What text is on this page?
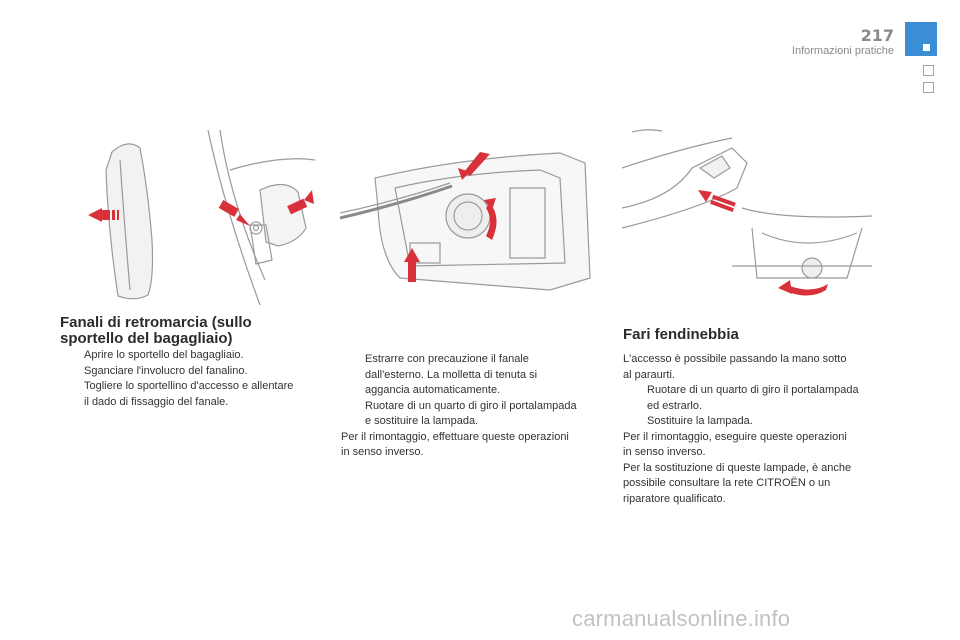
217
Informazioni pratiche
Fanali di retromarcia (sullo
sportello del bagagliaio)

Aprire lo sportello del bagagliaio.

Sganciare l'involucro del fanalino.

Togliere lo sportellino d'accesso e allentare

il dado di fissaggio del fanale.

Estrarre con precauzione il fanale

dall'esterno. La molletta di tenuta si

aggancia automaticamente.

Ruotare di un quarto di giro il portalampada

e sostituire la lampada.

Per il rimontaggio, effettuare queste operazioni

in senso inverso.

Fari fendinebbia

L'accesso è possibile passando la mano sotto

al paraurti.

Ruotare di un quarto di giro il portalampada

ed estrarlo.

Sostituire la lampada.

Per il rimontaggio, eseguire queste operazioni

in senso inverso.

Per la sostituzione di queste lampade, è anche

possibile consultare la rete CITROËN o un

riparatore qualificato.

carmanualsonline.info
